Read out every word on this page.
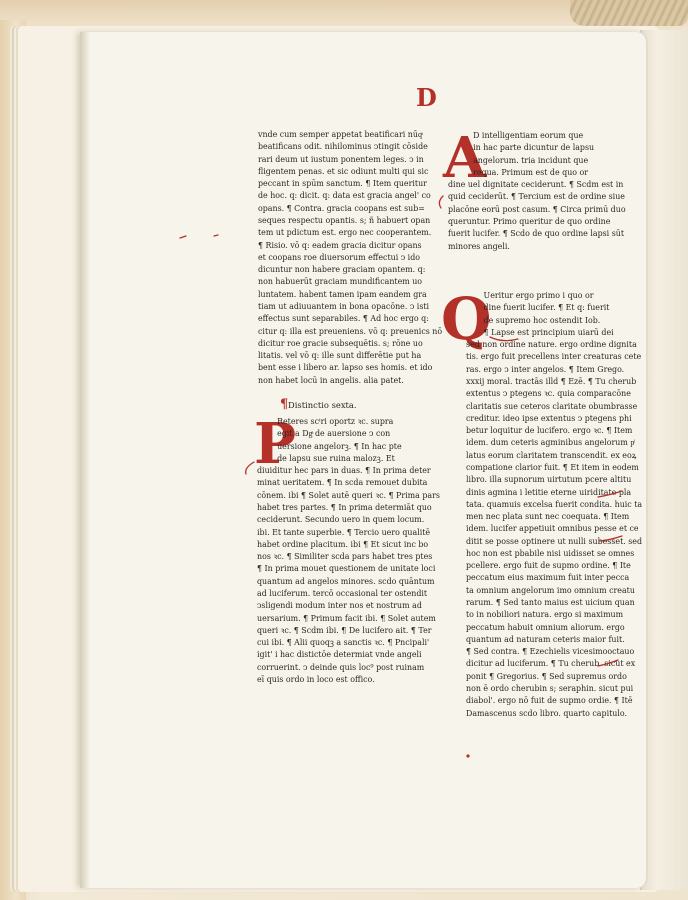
D
vnde cum semper appetat beatificari nūqͣ
beatificans odit. nihilominus ↄtingit cōside
rari deum ut iustum ponentem leges. ↄ in
fligentem penas. et sic odiunt multi qui sic
peccant in spūm sanctum. ¶ Item queritur
de hoc. q: dicit. q: data est gracia angel' co
opans. ¶ Contra. gracia coopans est sub=
seques respectu opantis. s; ñ habuert opan
tem ut pdictum est. ergo nec cooperantem.
¶ Risio. vō q: eadem gracia dicitur opans
et coopans roe diuersorum effectui ↄ ido
dicuntur non habere graciam opantem. q:
non habuerūt graciam mundificantem uo
luntatem. habent tamen ipam eandem gra
tiam ut adiuuantem in bona opacōne. ↄ isti
effectus sunt separabiles. ¶ Ad hoc ergo q:
citur q: illa est preueniens. vō q: preuenics nō
dicitur roe gracie subsequētis. s; rōne uo
litatis. vel vō q: ille sunt differētie put ha
bent esse i libero ar. lapso ses homis. et ido
non habet locū in angelis. alia patet.
¶ Distinctio sexta.
P
Reteres scⁱri oportz ꝛc. supra
egit a Dgͣ de auersione ↄ con
uersione angelorꝫ. ¶ In hac pte
de lapsu sue ruina malozꝫ. Et
diuiditur hec pars in duas. ¶ In prima deter
minat ueritatem. ¶ In scda remouet dubita
cōnem. ibi ¶ Solet autē queri ꝛc. ¶ Prima pars
habet tres partes. ¶ In prima determiāt quo
ceciderunt. Secundo uero in quem locum.
ibi. Et tante superbie. ¶ Tercio uero qualitē
habet ordine placitum. ibi ¶ Et sicut inc bo
nos ꝛc. ¶ Similiter scda pars habet tres ptes
¶ In prima mouet questionem de unitate loci
quantum ad angelos minores. scdo quāntum
ad luciferum. tercō occasional ter ostendit
ↄsligendi modum inter nos et nostrum ad
uersarium. ¶ Primum facit ibi. ¶ Solet autem
queri ꝛc. ¶ Scdm ibi. ¶ De lucifero ait. ¶ Ter
cui ibi. ¶ Alii quoqꝫ a sanctis ꝛc. ¶ Pncipali'
igit' i hac distictōe determiat vnde angeli
corruerint. ↄ deinde quis loc⁹ post ruinam
eī quis ordo in loco est offico.
A
D intelligentiam eorum que
in hac parte dicuntur de lapsu
angelorum. tria incidunt que
requa. Primum est de quo or
dine uel dignitate ceciderunt. ¶ Scdm est in
quid ceciderūt. ¶ Tercium est de ordine siue
placōne eorū post casum. ¶ Circa primū duo
queruntur. Primo queritur de quo ordine
fuerit lucifer. ¶ Scdo de quo ordine lapsi sūt
minores angeli.
Q
Ueritur ergo primo i quo or
dine fuerit lucifer. ¶ Et q: fuerit
de supremo hoc ostendit Iob.
¶ Lapse est principium uiarū dei
sed non ordine nature. ergo ordine dignita
tis. ergo fuit precellens inter creaturas cete
ras. ergo ↄ inter angelos. ¶ Item Grego.
xxxij moral. tractās illd ¶ Ezē. ¶ Tu cherub
extentus ↄ ptegens ꝛc. quia comparacōne
claritatis sue ceteros claritate obumbrasse
creditur. ideo ipse extentus ↄ ptegens phi
betur loquitur de lucifero. ergo ꝛc. ¶ Item
idem. dum ceteris agminibus angelorum pͥ
latus eorum claritatem transcendit. ex eoꝝ
compatione clarior fuit. ¶ Et item in eodem
libro. illa supnorum uirtutum pcere altitu
dinis agmina i letitie eterne uiriditate pla
tata. quamuis excelsa fuerit condita. huic ta
men nec plata sunt nec coequata. ¶ Item
idem. lucifer appetiuit omnibus pesse et ce
ditit se posse optinere ut nulli subesset. sed
hoc non est pbabile nisi uidisset se omnes
pcellere. ergo fuit de supmo ordine. ¶ Ite
peccatum eius maximum fuit inter pecca
ta omnium angelorum imo omnium creatu
rarum. ¶ Sed tanto maius est uicium quan
to in nobiliori natura. ergo si maximum
peccatum habuit omnium aliorum. ergo
quantum ad naturam ceteris maior fuit.
¶ Sed contra. ¶ Ezechielis vicesimooctauo
dicitur ad luciferum. ¶ Tu cherub. sicut ex
ponit ¶ Gregorius. ¶ Sed supremus ordo
non ē ordo cherubin s; seraphin. sicut pui
diabol'. ergo nō fuit de supmo ordie. ¶ Itē
Damascenus scdo libro. quarto capitulo.
